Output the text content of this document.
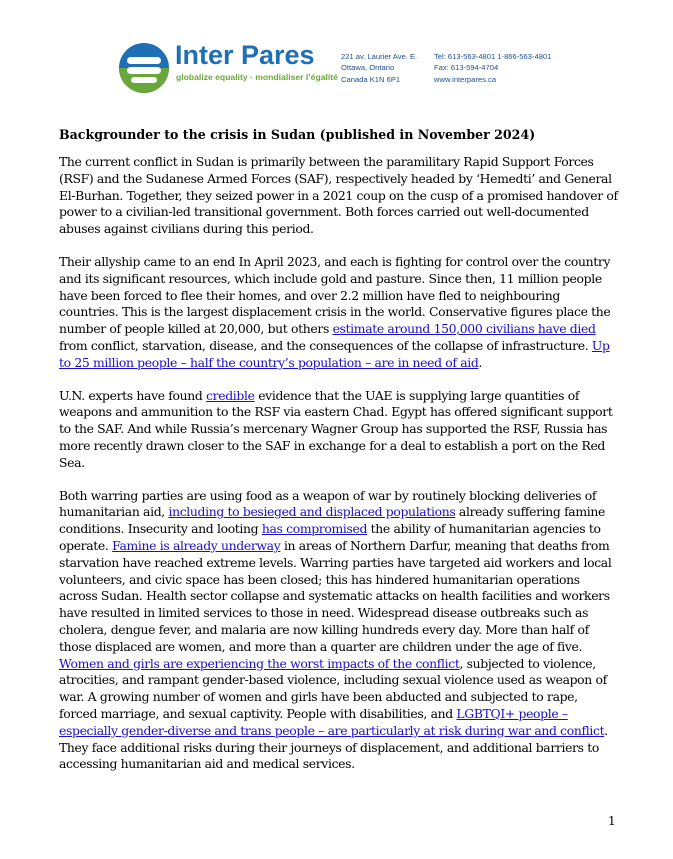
Inter Pares
globalize equality · mondialiser l’égalité
221 av. Laurier Ave. E.
Ottawa, Ontario
Canada K1N 6P1
Tel: 613-563-4801 1-866-563-4801
Fax: 613-594-4704
www.interpares.ca
Backgrounder to the crisis in Sudan (published in November 2024)

The current conflict in Sudan is primarily between the paramilitary Rapid Support Forces (RSF) and the Sudanese Armed Forces (SAF), respectively headed by ‘Hemedti’ and General El-Burhan. Together, they seized power in a 2021 coup on the cusp of a promised handover of power to a civilian-led transitional government. Both forces carried out well-documented abuses against civilians during this period.

Their allyship came to an end In April 2023, and each is fighting for control over the country and its significant resources, which include gold and pasture. Since then, 11 million people have been forced to flee their homes, and over 2.2 million have fled to neighbouring countries. This is the largest displacement crisis in the world. Conservative figures place the number of people killed at 20,000, but others estimate around 150,000 civilians have died from conflict, starvation, disease, and the consequences of the collapse of infrastructure. Up to 25 million people – half the country’s population – are in need of aid.

U.N. experts have found credible evidence that the UAE is supplying large quantities of weapons and ammunition to the RSF via eastern Chad. Egypt has offered significant support to the SAF. And while Russia’s mercenary Wagner Group has supported the RSF, Russia has more recently drawn closer to the SAF in exchange for a deal to establish a port on the Red Sea.

Both warring parties are using food as a weapon of war by routinely blocking deliveries of humanitarian aid, including to besieged and displaced populations already suffering famine conditions. Insecurity and looting has compromised the ability of humanitarian agencies to operate. Famine is already underway in areas of Northern Darfur, meaning that deaths from starvation have reached extreme levels. Warring parties have targeted aid workers and local volunteers, and civic space has been closed; this has hindered humanitarian operations across Sudan. Health sector collapse and systematic attacks on health facilities and workers have resulted in limited services to those in need. Widespread disease outbreaks such as cholera, dengue fever, and malaria are now killing hundreds every day. More than half of those displaced are women, and more than a quarter are children under the age of five. Women and girls are experiencing the worst impacts of the conflict, subjected to violence, atrocities, and rampant gender-based violence, including sexual violence used as weapon of war. A growing number of women and girls have been abducted and subjected to rape, forced marriage, and sexual captivity. People with disabilities, and LGBTQI+ people – especially gender-diverse and trans people – are particularly at risk during war and conflict. They face additional risks during their journeys of displacement, and additional barriers to accessing humanitarian aid and medical services.

1
